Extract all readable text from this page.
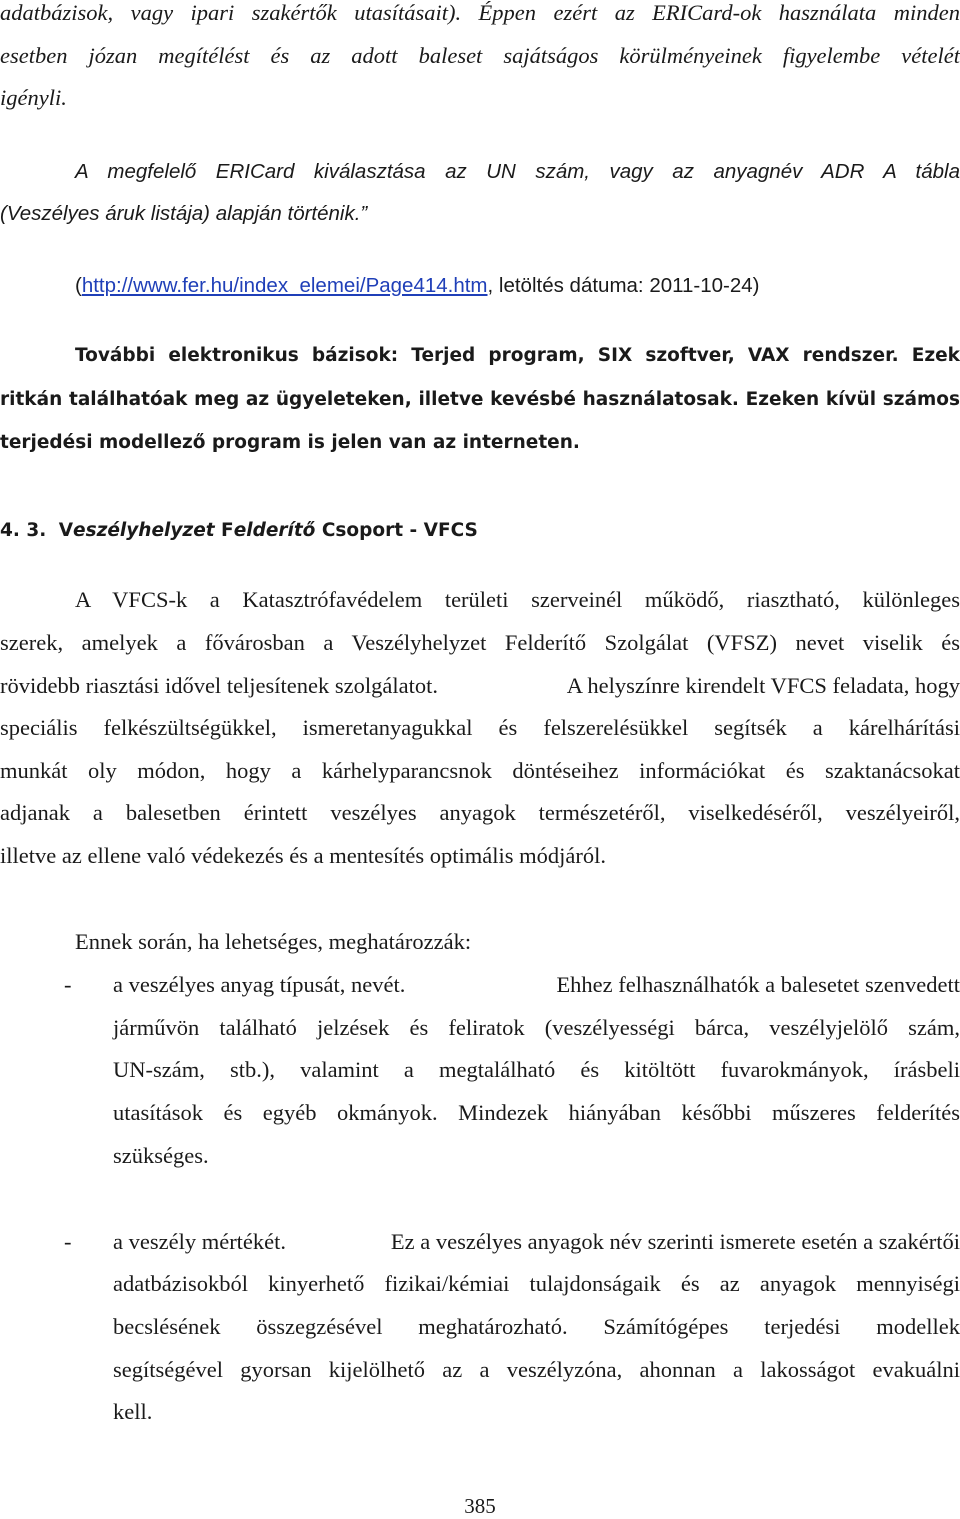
adatbázisok, vagy ipari szakértők utasításait). Éppen ezért az ERICard-ok használata minden
esetben józan megítélést és az adott baleset sajátságos körülményeinek figyelembe vételét
igényli.
A megfelelő ERICard kiválasztása az UN szám, vagy az anyagnév ADR A tábla
(Veszélyes áruk listája) alapján történik.”
(http://www.fer.hu/index_elemei/Page414.htm, letöltés dátuma: 2011-10-24)
További elektronikus bázisok: Terjed program, SIX szoftver, VAX rendszer. Ezek
ritkán találhatóak meg az ügyeleteken, illetve kevésbé használatosak. Ezeken kívül számos
terjedési modellező program is jelen van az interneten.
4. 3. Veszélyhelyzet Felderítő Csoport - VFCS
A VFCS-k a Katasztrófavédelem területi szerveinél működő, riasztható, különleges
szerek, amelyek a fővárosban a Veszélyhelyzet Felderítő Szolgálat (VFSZ) nevet viselik és
rövidebb riasztási idővel teljesítenek szolgálatot.	A helyszínre kirendelt VFCS feladata, hogy
speciális felkészültségükkel, ismeretanyagukkal és felszerelésükkel segítsék a kárelhárítási
munkát oly módon, hogy a kárhelyparancsnok döntéseihez információkat és szaktanácsokat
adjanak a balesetben érintett veszélyes anyagok természetéről, viselkedéséről, veszélyeiről,
illetve az ellene való védekezés és a mentesítés optimális módjáról.
Ennek során, ha lehetséges, meghatározzák:
- a veszélyes anyag típusát, nevét.	Ehhez felhasználhatók a balesetet szenvedett
járművön található jelzések és feliratok (veszélyességi bárca, veszélyjelölő szám,
UN-szám, stb.), valamint a megtalálható és kitöltött fuvarokmányok, írásbeli
utasítások és egyéb okmányok. Mindezek hiányában későbbi műszeres felderítés
szükséges.
- a veszély mértékét.	Ez a veszélyes anyagok név szerinti ismerete esetén a szakértői
adatbázisokból kinyerhető fizikai/kémiai tulajdonságaik és az anyagok mennyiségi
becslésének összegzésével meghatározható. Számítógépes terjedési modellek
segítségével gyorsan kijelölhető az a veszélyzóna, ahonnan a lakosságot evakuálni
kell.
385
